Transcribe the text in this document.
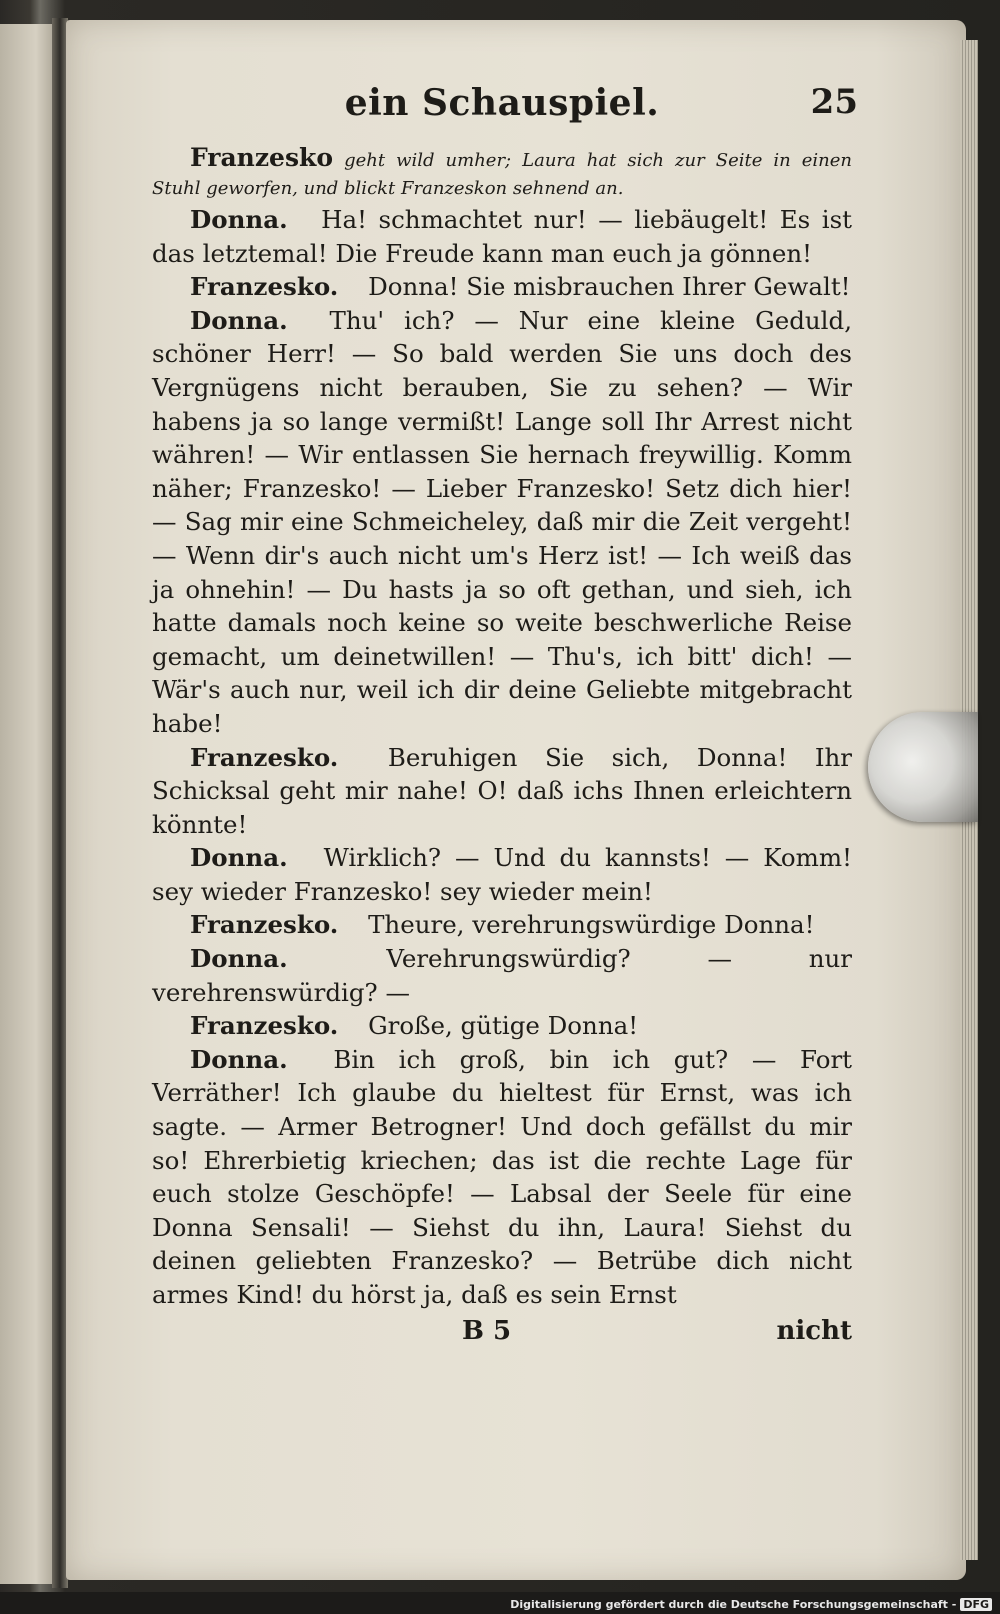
ein Schauspiel.	25

Franzesko geht wild umher; Laura hat sich zur Seite in einen Stuhl geworfen, und blickt Franzeskon sehnend an.

Donna. Ha! schmachtet nur! — liebäugelt! Es ist das letztemal! Die Freude kann man euch ja gönnen!

Franzesko. Donna! Sie misbrauchen Ihrer Gewalt!

Donna. Thu' ich? — Nur eine kleine Geduld, schöner Herr! — So bald werden Sie uns doch des Vergnügens nicht berauben, Sie zu sehen? — Wir habens ja so lange vermißt! Lange soll Ihr Arrest nicht währen! — Wir entlassen Sie hernach freywillig. Komm näher; Franzesko! — Lieber Franzesko! Setz dich hier! — Sag mir eine Schmeicheley, daß mir die Zeit vergeht! — Wenn dir's auch nicht um's Herz ist! — Ich weiß das ja ohnehin! — Du hasts ja so oft gethan, und sieh, ich hatte damals noch keine so weite beschwerliche Reise gemacht, um deinetwillen! — Thu's, ich bitt' dich! — Wär's auch nur, weil ich dir deine Geliebte mitgebracht habe!

Franzesko. Beruhigen Sie sich, Donna! Ihr Schicksal geht mir nahe! O! daß ichs Ihnen erleichtern könnte!

Donna. Wirklich? — Und du kannsts! — Komm! sey wieder Franzesko! sey wieder mein!

Franzesko. Theure, verehrungswürdige Donna!

Donna.	Verehrungswürdig? — nur verehrenswürdig? —

Franzesko. Große, gütige Donna!

Donna. Bin ich groß, bin ich gut? — Fort Verräther! Ich glaube du hieltest für Ernst, was ich sagte. — Armer Betrogner! Und doch gefällst du mir so! Ehrerbietig kriechen; das ist die rechte Lage für euch stolze Geschöpfe! — Labsal der Seele für eine Donna Sensali! — Siehst du ihn, Laura! Siehst du deinen geliebten Franzesko? — Betrübe dich nicht armes Kind! du hörst ja, daß es sein Ernst

B 5	nicht
Digitalisierung gefördert durch die Deutsche Forschungsgemeinschaft - DFG
